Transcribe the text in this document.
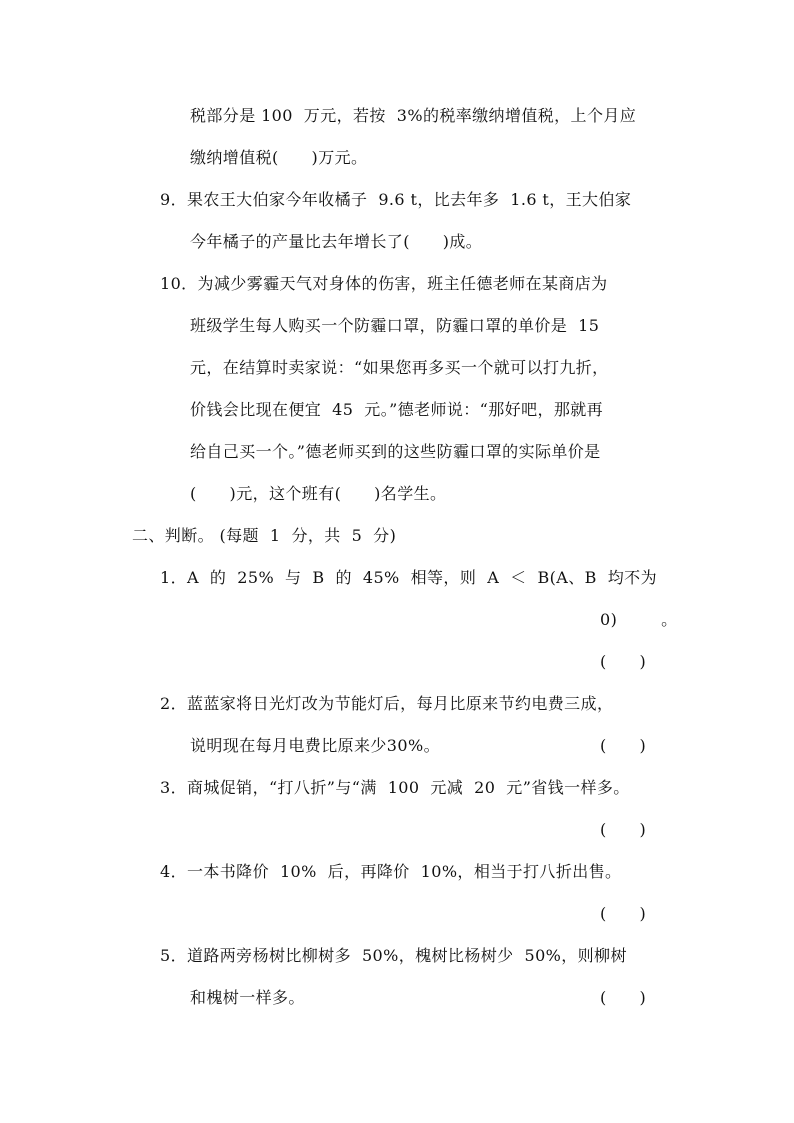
税部分是 100  万元，若按  3%的税率缴纳增值税，上个月应
缴纳增值税(      )万元。
9．果农王大伯家今年收橘子  9.6 t，比去年多  1.6 t，王大伯家
今年橘子的产量比去年增长了(      )成。
10．为减少雾霾天气对身体的伤害，班主任德老师在某商店为
班级学生每人购买一个防霾口罩，防霾口罩的单价是  15
元，在结算时卖家说：“如果您再多买一个就可以打九折，
价钱会比现在便宜  45  元。”德老师说：“那好吧，那就再
给自己买一个。”德老师买到的这些防霾口罩的实际单价是
(      )元，这个班有(      )名学生。
二、判断。 (每题  1  分，共  5  分)
1．A  的  25%  与  B  的  45%  相等，则  A  ＜  B(A、B  均不为
0)        。
(      )
2．蓝蓝家将日光灯改为节能灯后，每月比原来节约电费三成，
说明现在每月电费比原来少30%。	(      )
3．商城促销，“打八折”与“满  100  元减  20  元”省钱一样多。
(      )
4．一本书降价  10%  后，再降价  10%，相当于打八折出售。
(      )
5．道路两旁杨树比柳树多  50%，槐树比杨树少  50%，则柳树
和槐树一样多。	(      )
